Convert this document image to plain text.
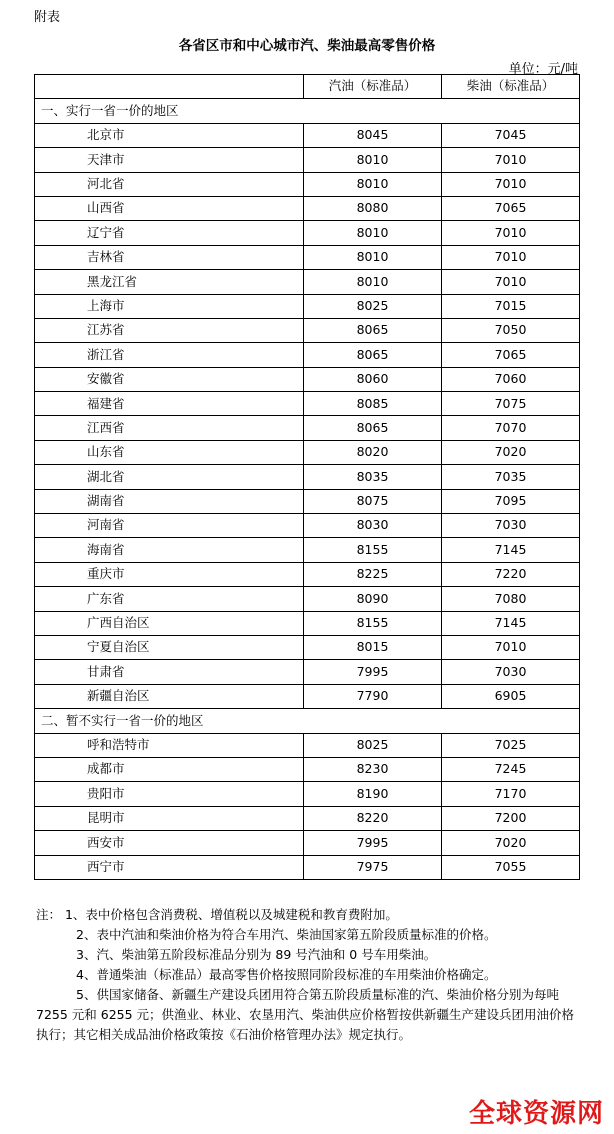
附表
各省区市和中心城市汽、柴油最高零售价格
单位：元/吨
	汽油（标准品）	柴油（标准品）
一、实行一省一价的地区		
北京市	8045	7045
天津市	8010	7010
河北省	8010	7010
山西省	8080	7065
辽宁省	8010	7010
吉林省	8010	7010
黑龙江省	8010	7010
上海市	8025	7015
江苏省	8065	7050
浙江省	8065	7065
安徽省	8060	7060
福建省	8085	7075
江西省	8065	7070
山东省	8020	7020
湖北省	8035	7035
湖南省	8075	7095
河南省	8030	7030
海南省	8155	7145
重庆市	8225	7220
广东省	8090	7080
广西自治区	8155	7145
宁夏自治区	8015	7010
甘肃省	7995	7030
新疆自治区	7790	6905
二、暂不实行一省一价的地区		
呼和浩特市	8025	7025
成都市	8230	7245
贵阳市	8190	7170
昆明市	8220	7200
西安市	7995	7020
西宁市	7975	7055

注： 1、表中价格包含消费税、增值税以及城建税和教育费附加。

2、表中汽油和柴油价格为符合车用汽、柴油国家第五阶段质量标准的价格。

3、汽、柴油第五阶段标准品分别为 89 号汽油和 0 号车用柴油。

4、普通柴油（标准品）最高零售价格按照同阶段标准的车用柴油价格确定。

5、供国家储备、新疆生产建设兵团用符合第五阶段质量标准的汽、柴油价格分别为每吨 7255 元和 6255 元；供渔业、林业、农垦用汽、柴油供应价格暂按供新疆生产建设兵团用油价格执行；其它相关成品油价格政策按《石油价格管理办法》规定执行。

全球资源网
